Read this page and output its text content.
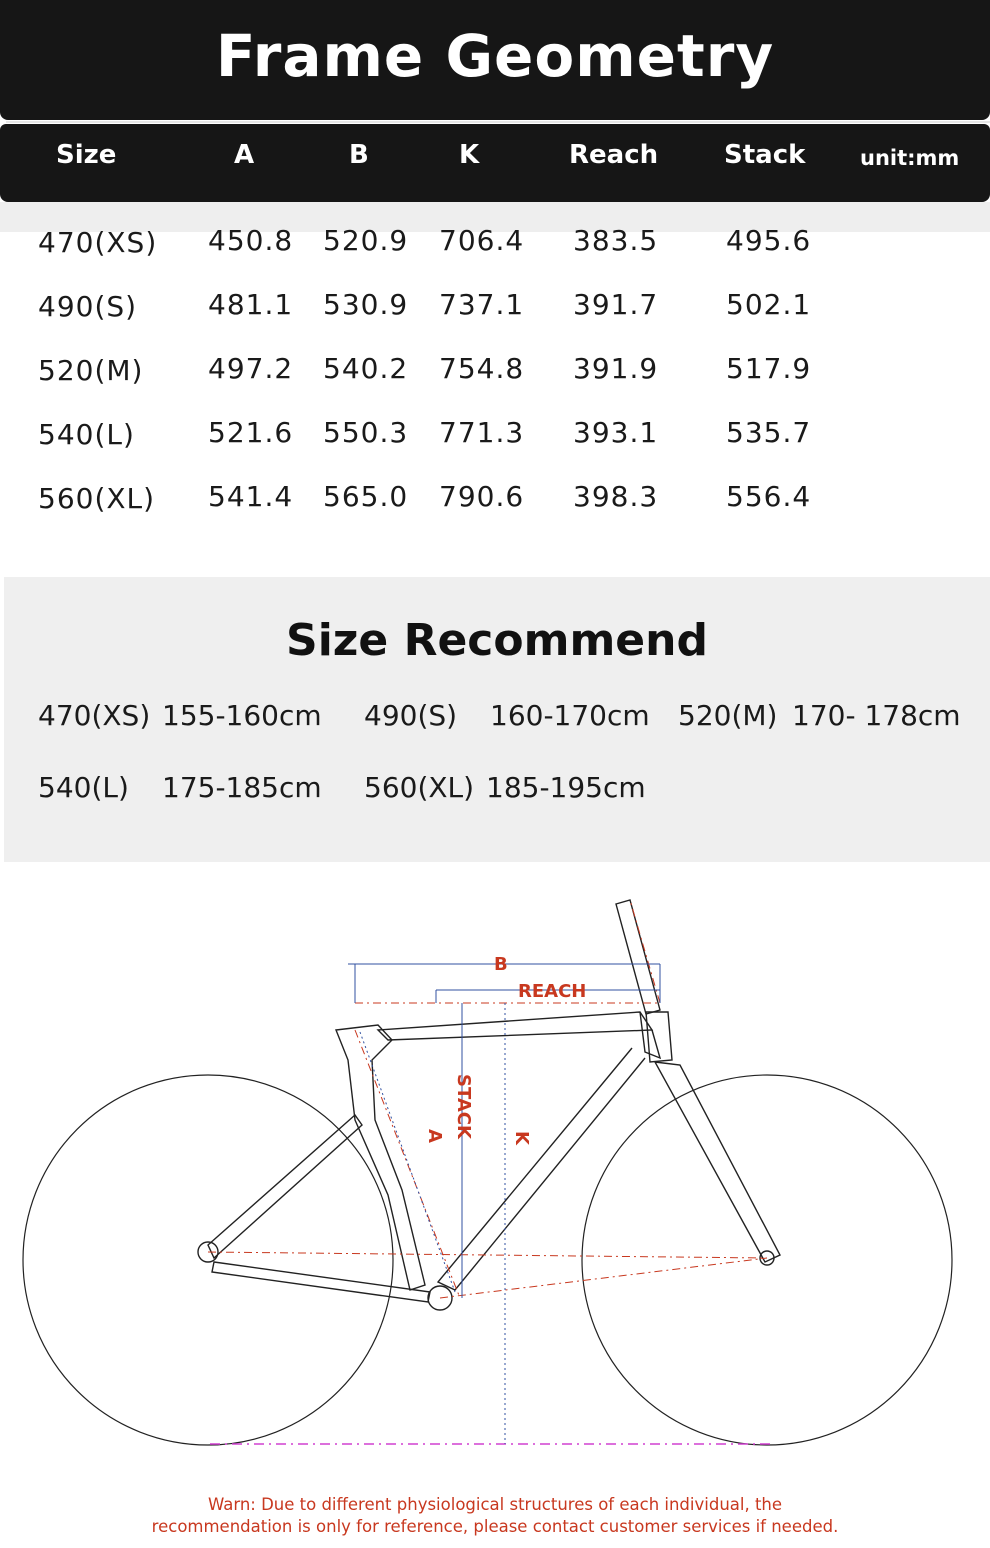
Frame Geometry
Size	A	B	K	Reach	Stack	unit:mm
470(XS) 450.8 520.9 706.4 383.5 495.6
490(S)	481.1 530.9 737.1 391.7 502.1
520(M) 497.2 540.2 754.8 391.9 517.9
540(L)	521.6 550.3 771.3 393.1 535.7
560(XL) 541.4 565.0 790.6 398.3 556.4
Size Recommend
470(XS) 155-160cm 490(S) 160-170cm 520(M) 170- 178cm
540(L) 175-185cm 560(XL) 185-195cm
B
REACH
A STACK K
Warn: Due to different physiological structures of each individual, the
recommendation is only for reference, please contact customer services if needed.
